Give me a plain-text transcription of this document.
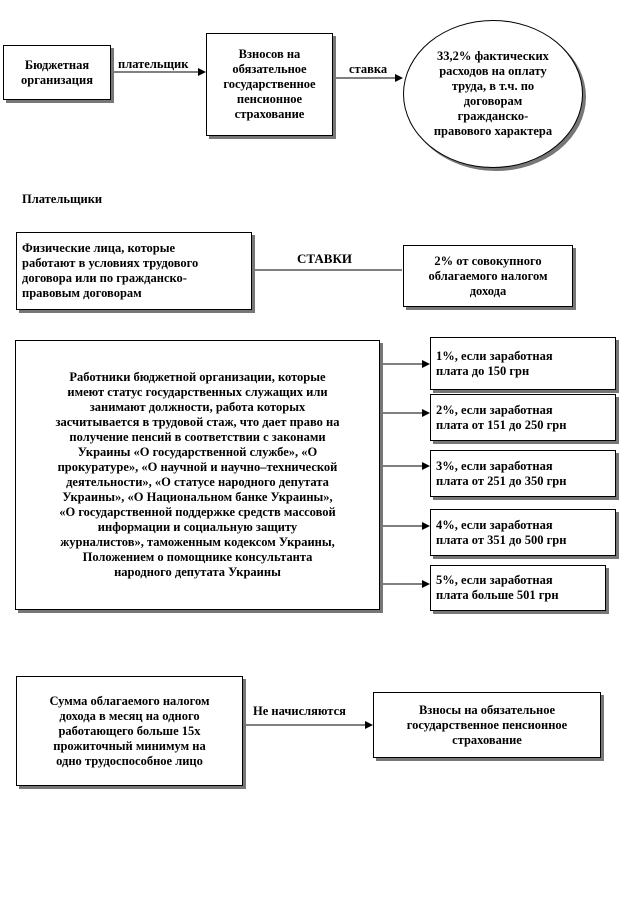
Бюджетная
организация
плательщик
Взносов на
обязательное
государственное
пенсионное
страхование
ставка
33,2% фактических
расходов на оплату
труда, в т.ч. по
договорам
гражданско-
правового характера
Плательщики
Физические лица, которые
работают в условиях трудового
договора или по гражданско-
правовым договорам
СТАВКИ	2% от совокупного
облагаемого налогом
дохода
Работники бюджетной организации, которые
имеют статус государственных служащих или
занимают должности, работа которых
засчитывается в трудовой стаж, что дает право на
получение пенсий в соответствии с законами
Украины «О государственной службе», «О
прокуратуре», «О научной и научно–технической
деятельности», «О статусе народного депутата
Украины», «О Национальном банке Украины»,
«О государственной поддержке средств массовой
информации и социальную защиту
журналистов», таможенным кодексом Украины,
Положением о помощнике консультанта
народного депутата Украины
1%, если заработная
плата до 150 грн
2%, если заработная
плата от 151 до 250 грн
3%, если заработная
плата от 251 до 350 грн
4%, если заработная
плата от 351 до 500 грн
5%, если заработная
плата больше 501 грн
Сумма облагаемого налогом
дохода в месяц на одного
работающего больше 15х
прожиточный минимум на
одно трудоспособное лицо
Не начисляются	Взносы на обязательное
государственное пенсионное
страхование
